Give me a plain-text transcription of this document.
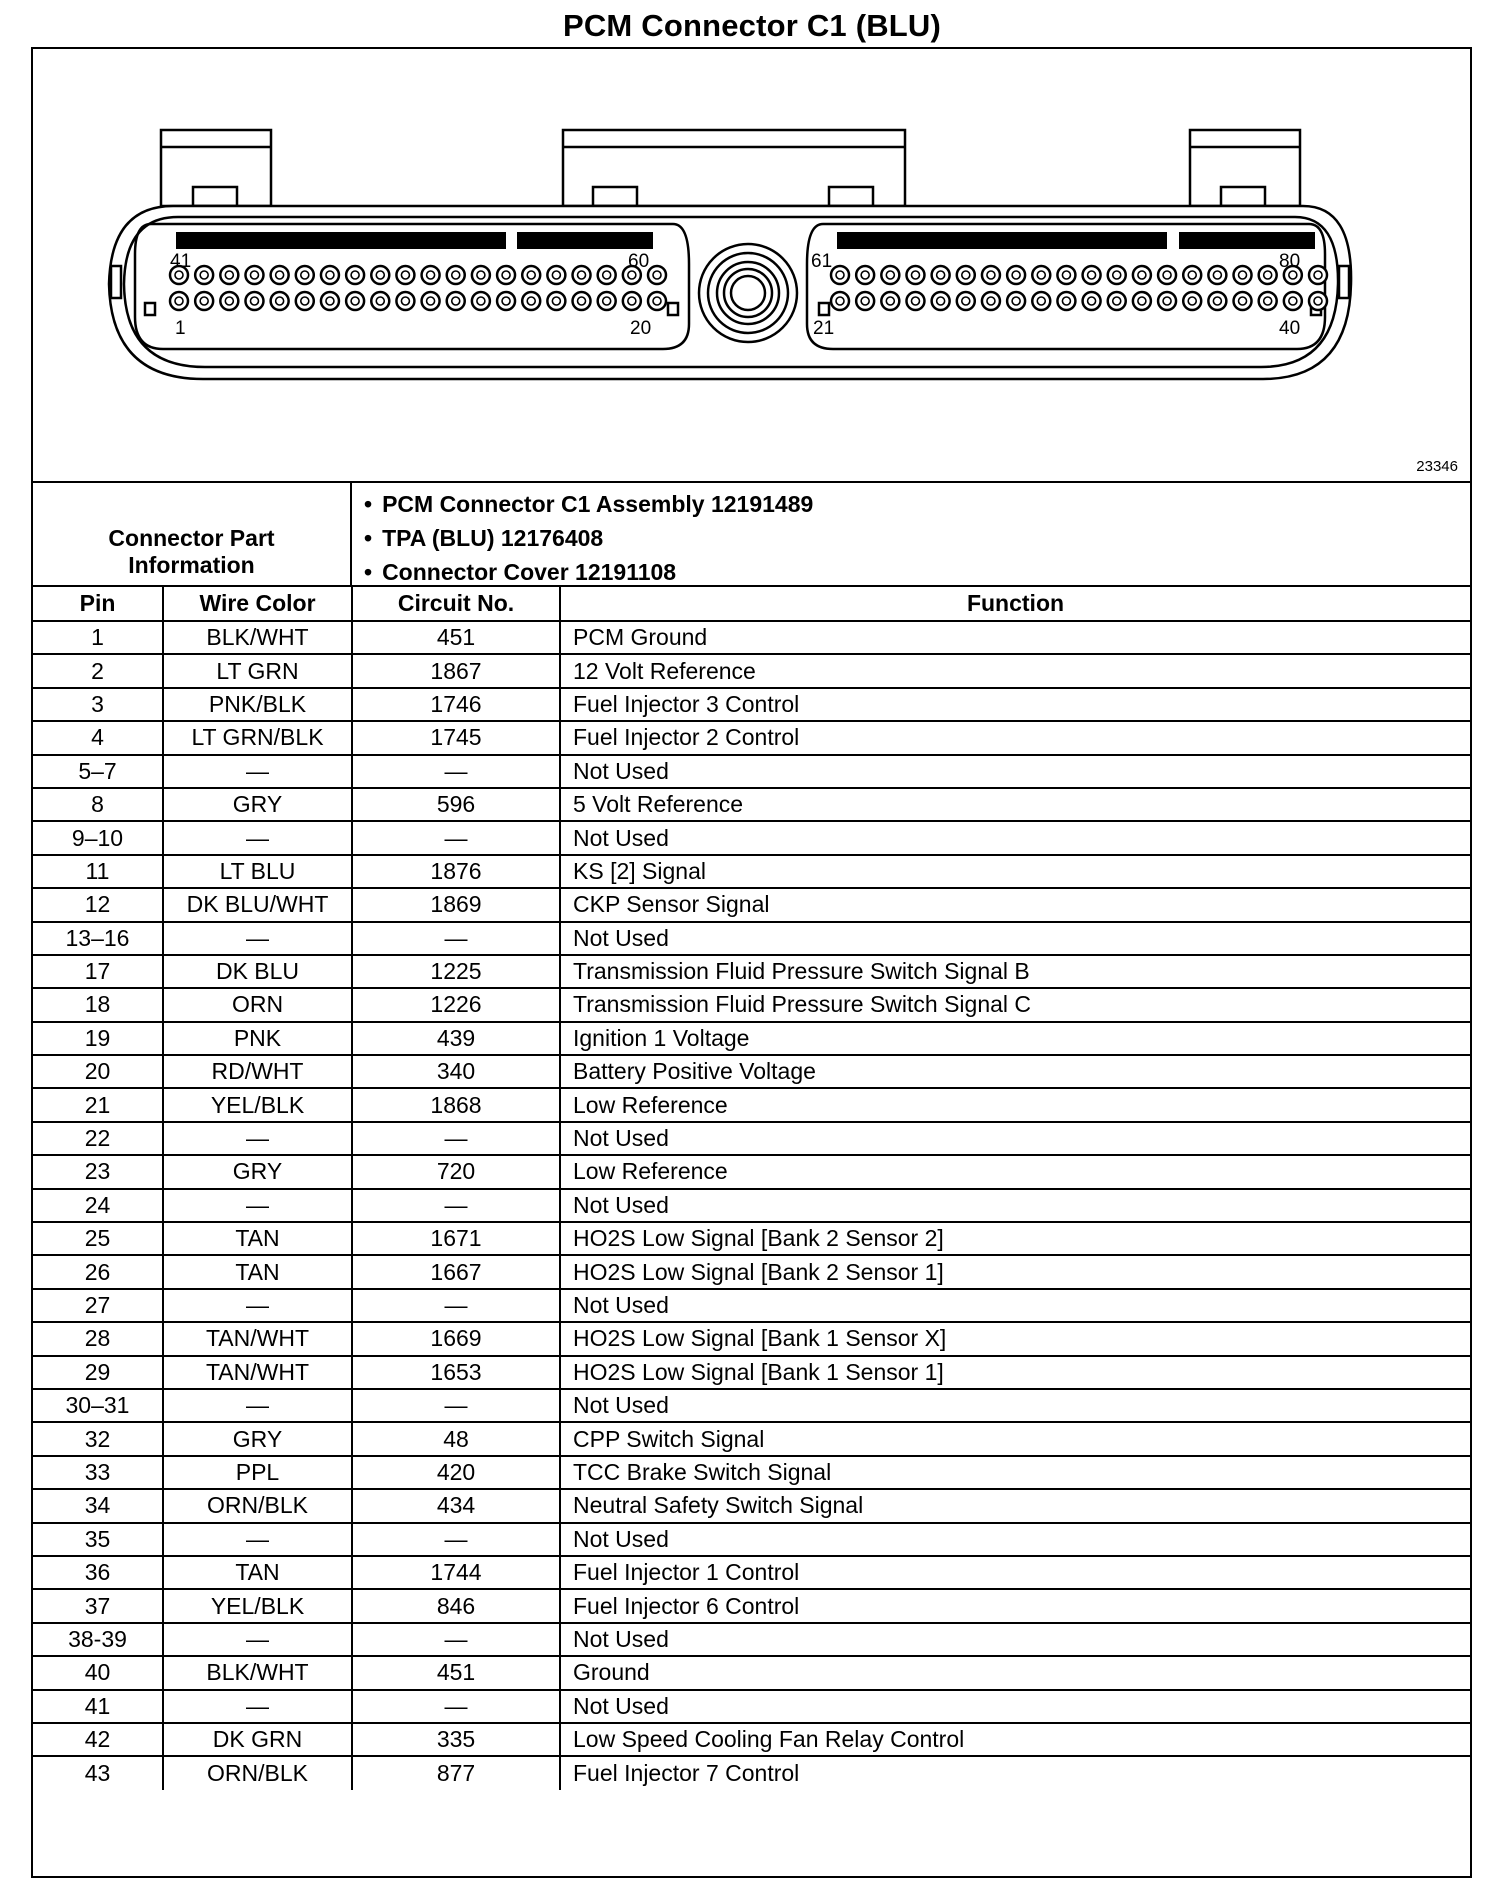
PCM Connector C1 (BLU)
41	60
1	20
61	80
21	40
23346
Connector Part
Information
• PCM Connector C1 Assembly 12191489
• TPA (BLU) 12176408
• Connector Cover 12191108
Pin	Wire Color	Circuit No.	Function
1	BLK/WHT	451	PCM Ground
2	LT GRN	1867	12 Volt Reference
3	PNK/BLK	1746	Fuel Injector 3 Control
4	LT GRN/BLK	1745	Fuel Injector 2 Control
5–7	—	—	Not Used
8	GRY	596	5 Volt Reference
9–10	—	—	Not Used
11	LT BLU	1876	KS [2] Signal
12	DK BLU/WHT	1869	CKP Sensor Signal
13–16	—	—	Not Used
17	DK BLU	1225	Transmission Fluid Pressure Switch Signal B
18	ORN	1226	Transmission Fluid Pressure Switch Signal C
19	PNK	439	Ignition 1 Voltage
20	RD/WHT	340	Battery Positive Voltage
21	YEL/BLK	1868	Low Reference
22	—	—	Not Used
23	GRY	720	Low Reference
24	—	—	Not Used
25	TAN	1671	HO2S Low Signal [Bank 2 Sensor 2]
26	TAN	1667	HO2S Low Signal [Bank 2 Sensor 1]
27	—	—	Not Used
28	TAN/WHT	1669	HO2S Low Signal [Bank 1 Sensor X]
29	TAN/WHT	1653	HO2S Low Signal [Bank 1 Sensor 1]
30–31	—	—	Not Used
32	GRY	48	CPP Switch Signal
33	PPL	420	TCC Brake Switch Signal
34	ORN/BLK	434	Neutral Safety Switch Signal
35	—	—	Not Used
36	TAN	1744	Fuel Injector 1 Control
37	YEL/BLK	846	Fuel Injector 6 Control
38-39	—	—	Not Used
40	BLK/WHT	451	Ground
41	—	—	Not Used
42	DK GRN	335	Low Speed Cooling Fan Relay Control
43	ORN/BLK	877	Fuel Injector 7 Control
